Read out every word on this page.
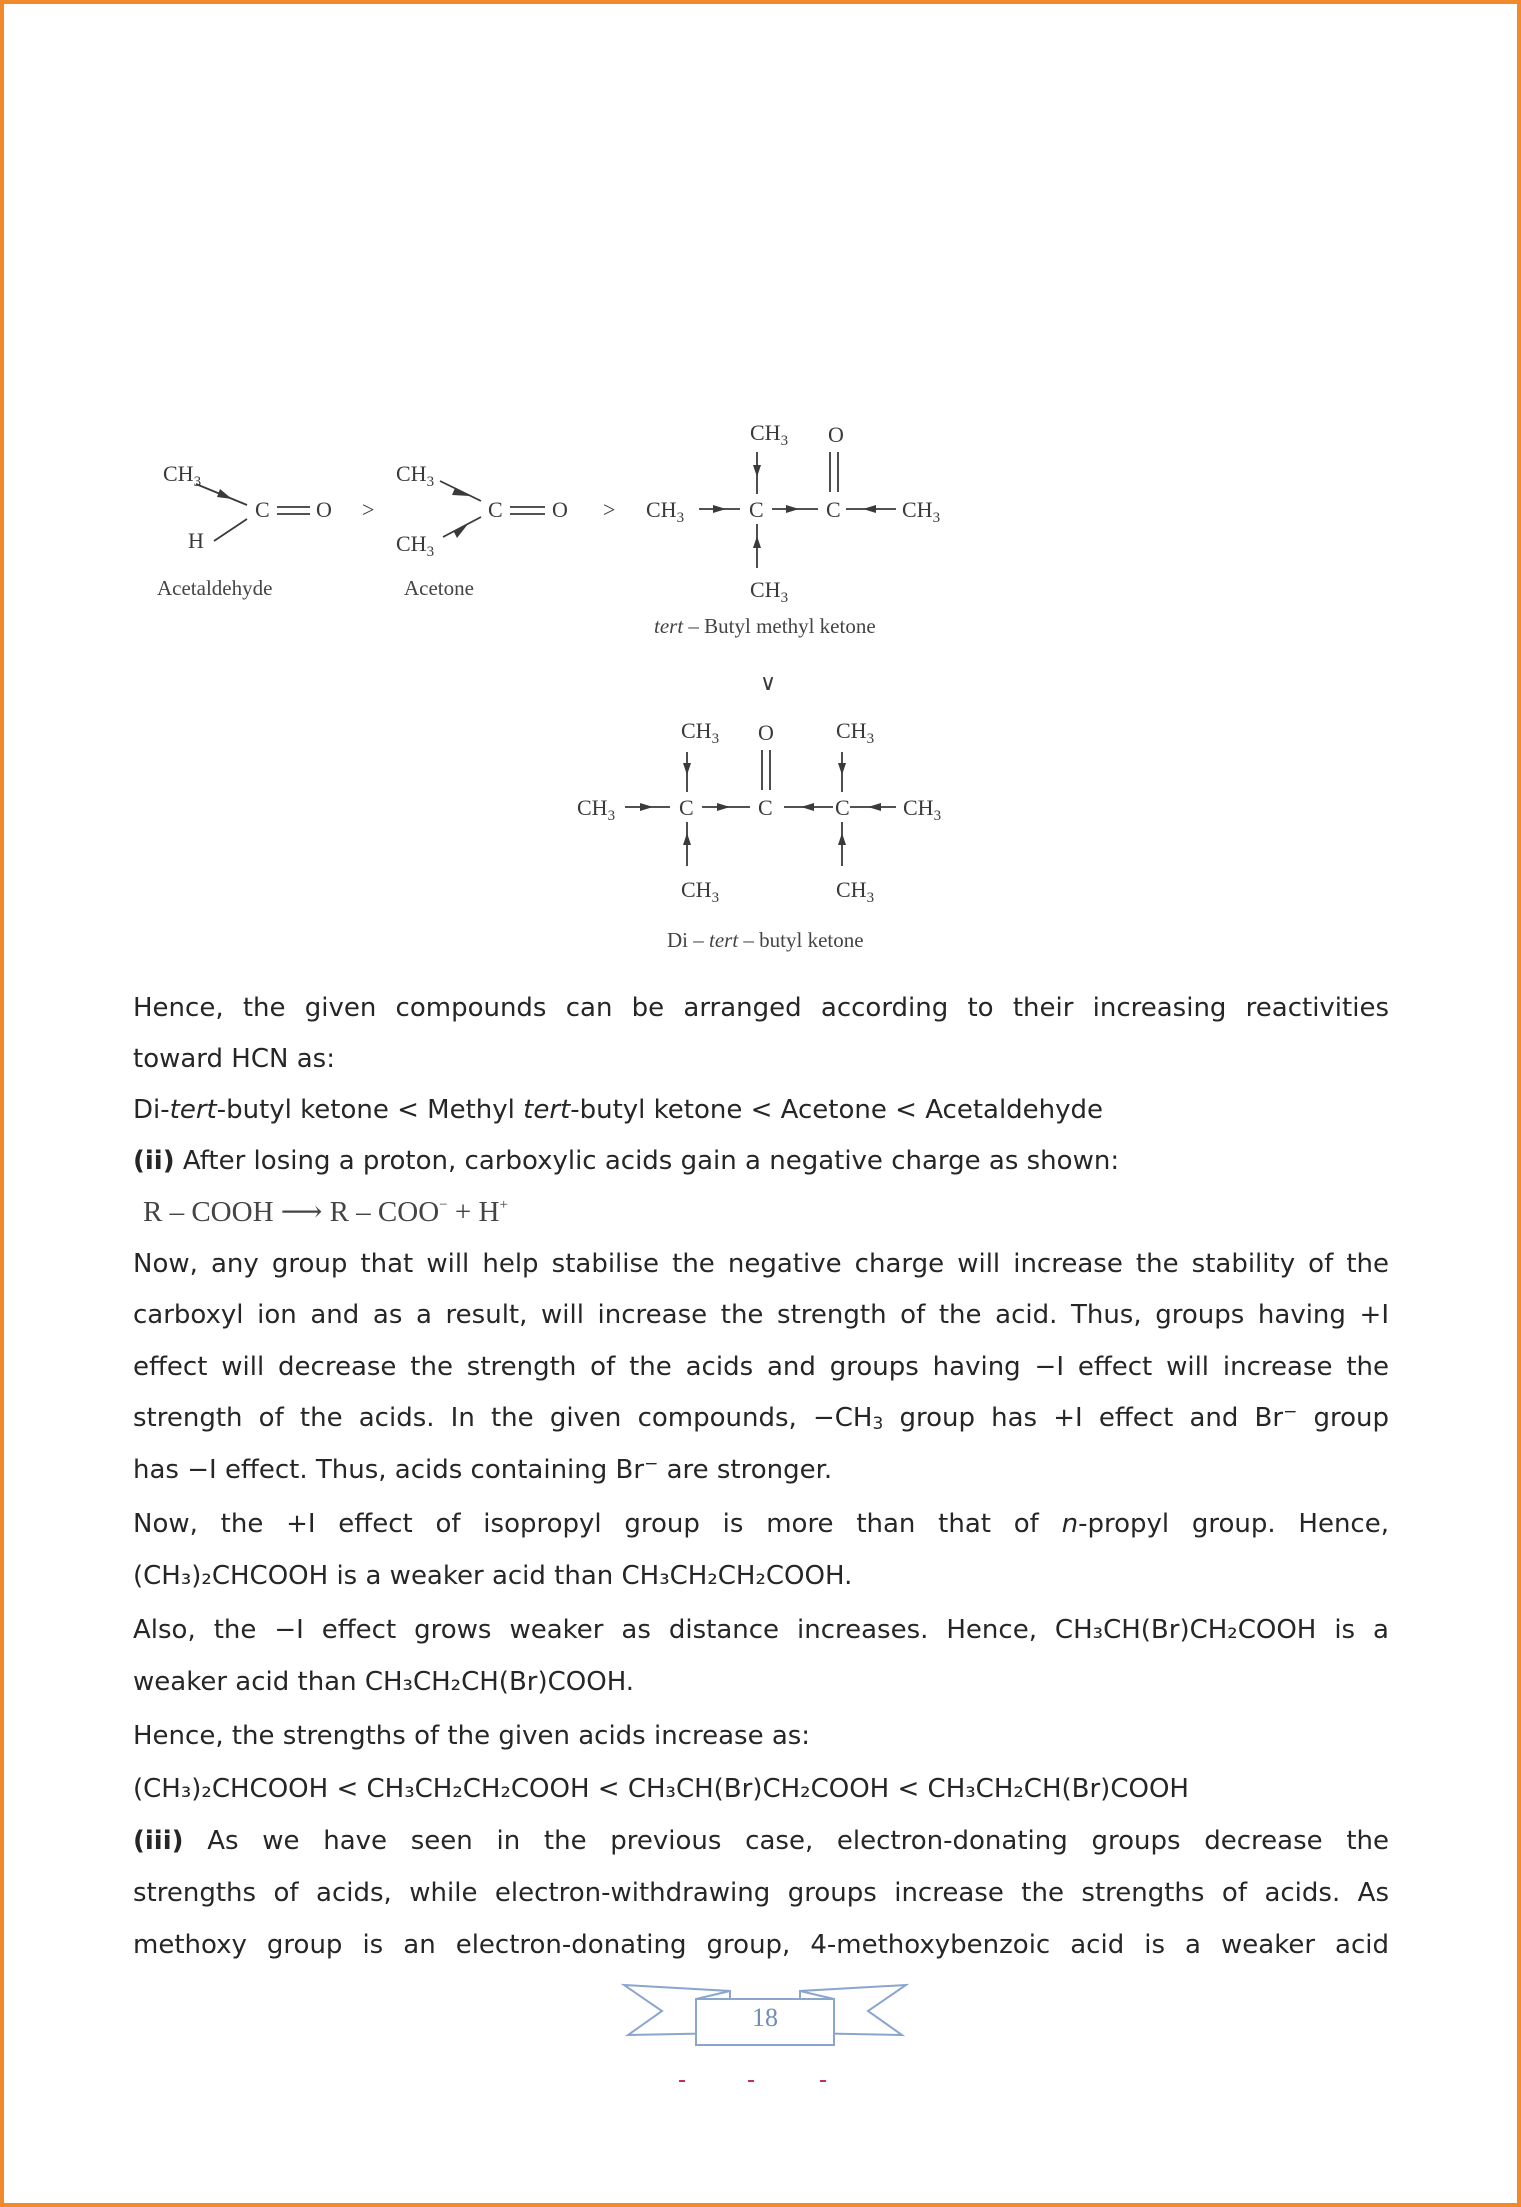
$CH_3$
H
C O >
Acetaldehyde
$CH_3$
$CH_3$
C O >
Acetone
$CH_3$ O
$CH_3$	C	C	$CH_3$
$CH_3$
tert – Butyl methyl ketone
∨
$CH_3$ O	$CH_3$
$CH_3$	C	C	C $CH_3$
$CH_3$	$CH_3$
Di – tert – butyl ketone
Hence, the given compounds can be arranged according to their increasing reactivities
toward HCN as:
Di-tert-butyl ketone < Methyl tert-butyl ketone < Acetone < Acetaldehyde
(ii) After losing a proton, carboxylic acids gain a negative charge as shown:
R – COOH ⟶ R – COO− + H+
Now, any group that will help stabilise the negative charge will increase the stability of the
carboxyl ion and as a result, will increase the strength of the acid. Thus, groups having +I
effect will decrease the strength of the acids and groups having −I effect will increase the
strength of the acids. In the given compounds, $-CH_3$ group has +I effect and Br− group
has −I effect. Thus, acids containing Br− are stronger.
Now, the +I effect of isopropyl group is more than that of n-propyl group. Hence,
(CH₃)₂CHCOOH is a weaker acid than CH₃CH₂CH₂COOH.
Also, the −I effect grows weaker as distance increases. Hence, CH₃CH(Br)CH₂COOH is a
weaker acid than CH₃CH₂CH(Br)COOH.
Hence, the strengths of the given acids increase as:
(CH₃)₂CHCOOH < CH₃CH₂CH₂COOH < CH₃CH(Br)CH₂COOH < CH₃CH₂CH(Br)COOH
(iii) As we have seen in the previous case, electron-donating groups decrease the
strengths of acids, while electron-withdrawing groups increase the strengths of acids. As
methoxy group is an electron-donating group, 4-methoxybenzoic acid is a weaker acid
18
